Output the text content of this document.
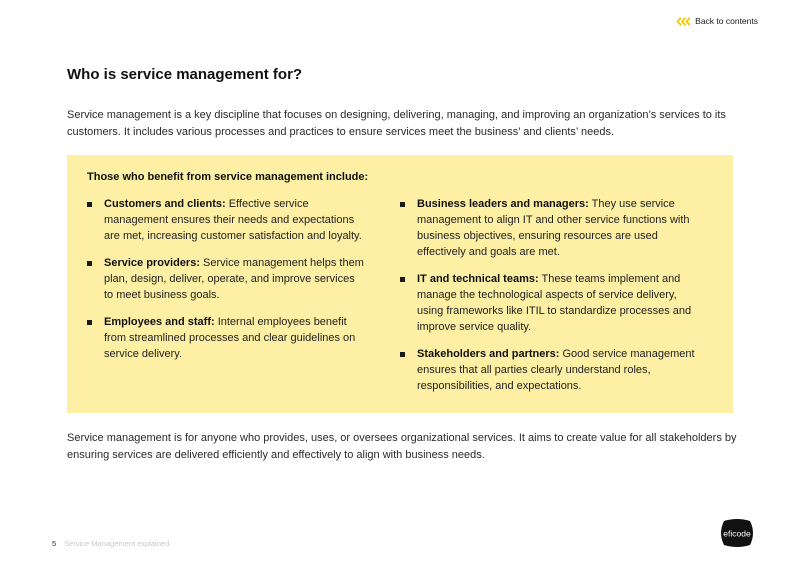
Back to contents
Who is service management for?

Service management is a key discipline that focuses on designing, delivering, managing, and improving an organization’s services to its customers. It includes various processes and practices to ensure services meet the business’ and clients’ needs.

Those who benefit from service management include:

Customers and clients: Effective service management ensures their needs and expectations are met, increasing customer satisfaction and loyalty.
Service providers: Service management helps them plan, design, deliver, operate, and improve services to meet business goals.
Employees and staff: Internal employees benefit from streamlined processes and clear guidelines on service delivery.
Business leaders and managers: They use service management to align IT and other service functions with business objectives, ensuring resources are used effectively and goals are met.
IT and technical teams: These teams implement and manage the technological aspects of service delivery, using frameworks like ITIL to standardize processes and improve service quality.
Stakeholders and partners: Good service management ensures that all parties clearly understand roles, responsibilities, and expectations.

Service management is for anyone who provides, uses, or oversees organizational services. It aims to create value for all stakeholders by ensuring services are delivered efficiently and effectively to align with business needs.

5 Service Management explained
eficode
